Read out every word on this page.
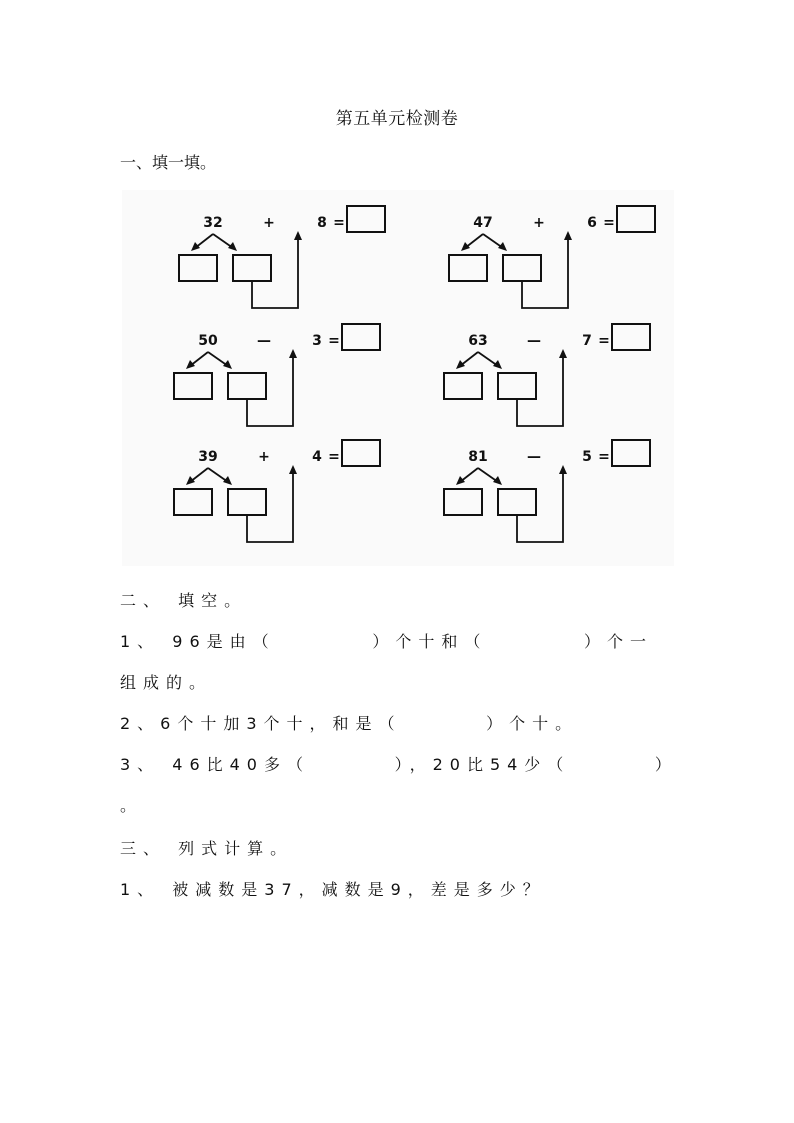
第五单元检测卷
一、填一填。
32	+	8 =	47	+	6 =
50	—	3 =	63	—	7 =
39	+	4 =	81	—	5 =
二、 填空。
1、 96是由（        ）个十和（        ）个一
组成的。
2、6个十加3个十，和是（       ）个十。
3、 46比40多（       ），20比54少（       ）
。
三、 列式计算。
1、 被减数是37，减数是9，差是多少？
